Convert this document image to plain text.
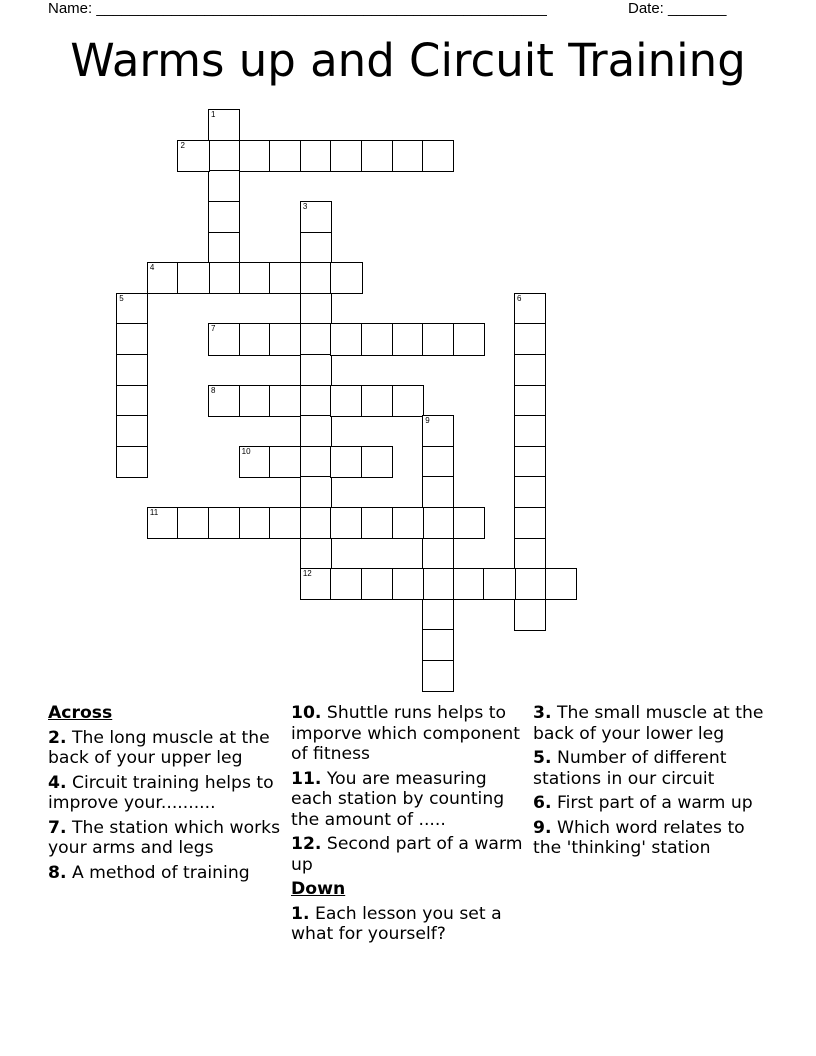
Name: ______________________________________________________	Date: _______
Warms up and Circuit Training
1
2
3
12
4
5	6
7
8
9
10
11
Across
2. The long muscle at the back of your upper leg
4. Circuit training helps to improve your..........
7. The station which works your arms and legs
8. A method of training
10. Shuttle runs helps to imporve which component of fitness
11. You are measuring each station by counting the amount of .....
12. Second part of a warm up
Down
1. Each lesson you set a what for yourself?
3. The small muscle at the back of your lower leg
5. Number of different stations in our circuit
6. First part of a warm up
9. Which word relates to the 'thinking' station
